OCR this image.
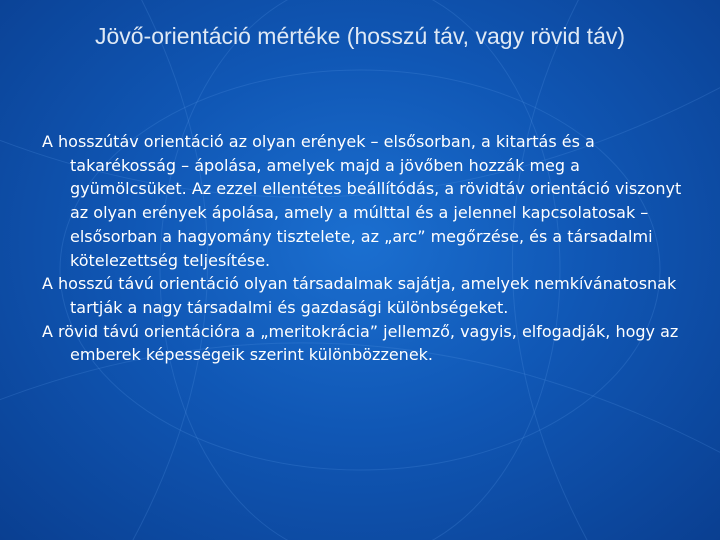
Jövő-orientáció mértéke (hosszú táv, vagy rövid táv)

A hosszútáv orientáció az olyan erények – elsősorban, a kitartás és a takarékosság – ápolása, amelyek majd a jövőben hozzák meg a gyümölcsüket. Az ezzel ellentétes beállítódás, a rövidtáv orientáció viszonyt az olyan erények ápolása, amely a múlttal és a jelennel kapcsolatosak – elsősorban a hagyomány tisztelete, az „arc” megőrzése, és a társadalmi kötelezettség teljesítése.

A hosszú távú orientáció olyan társadalmak sajátja, amelyek nemkívánatosnak tartják a nagy társadalmi és gazdasági különbségeket.

A rövid távú orientációra a „meritokrácia” jellemző, vagyis, elfogadják, hogy az emberek képességeik szerint különbözzenek.
